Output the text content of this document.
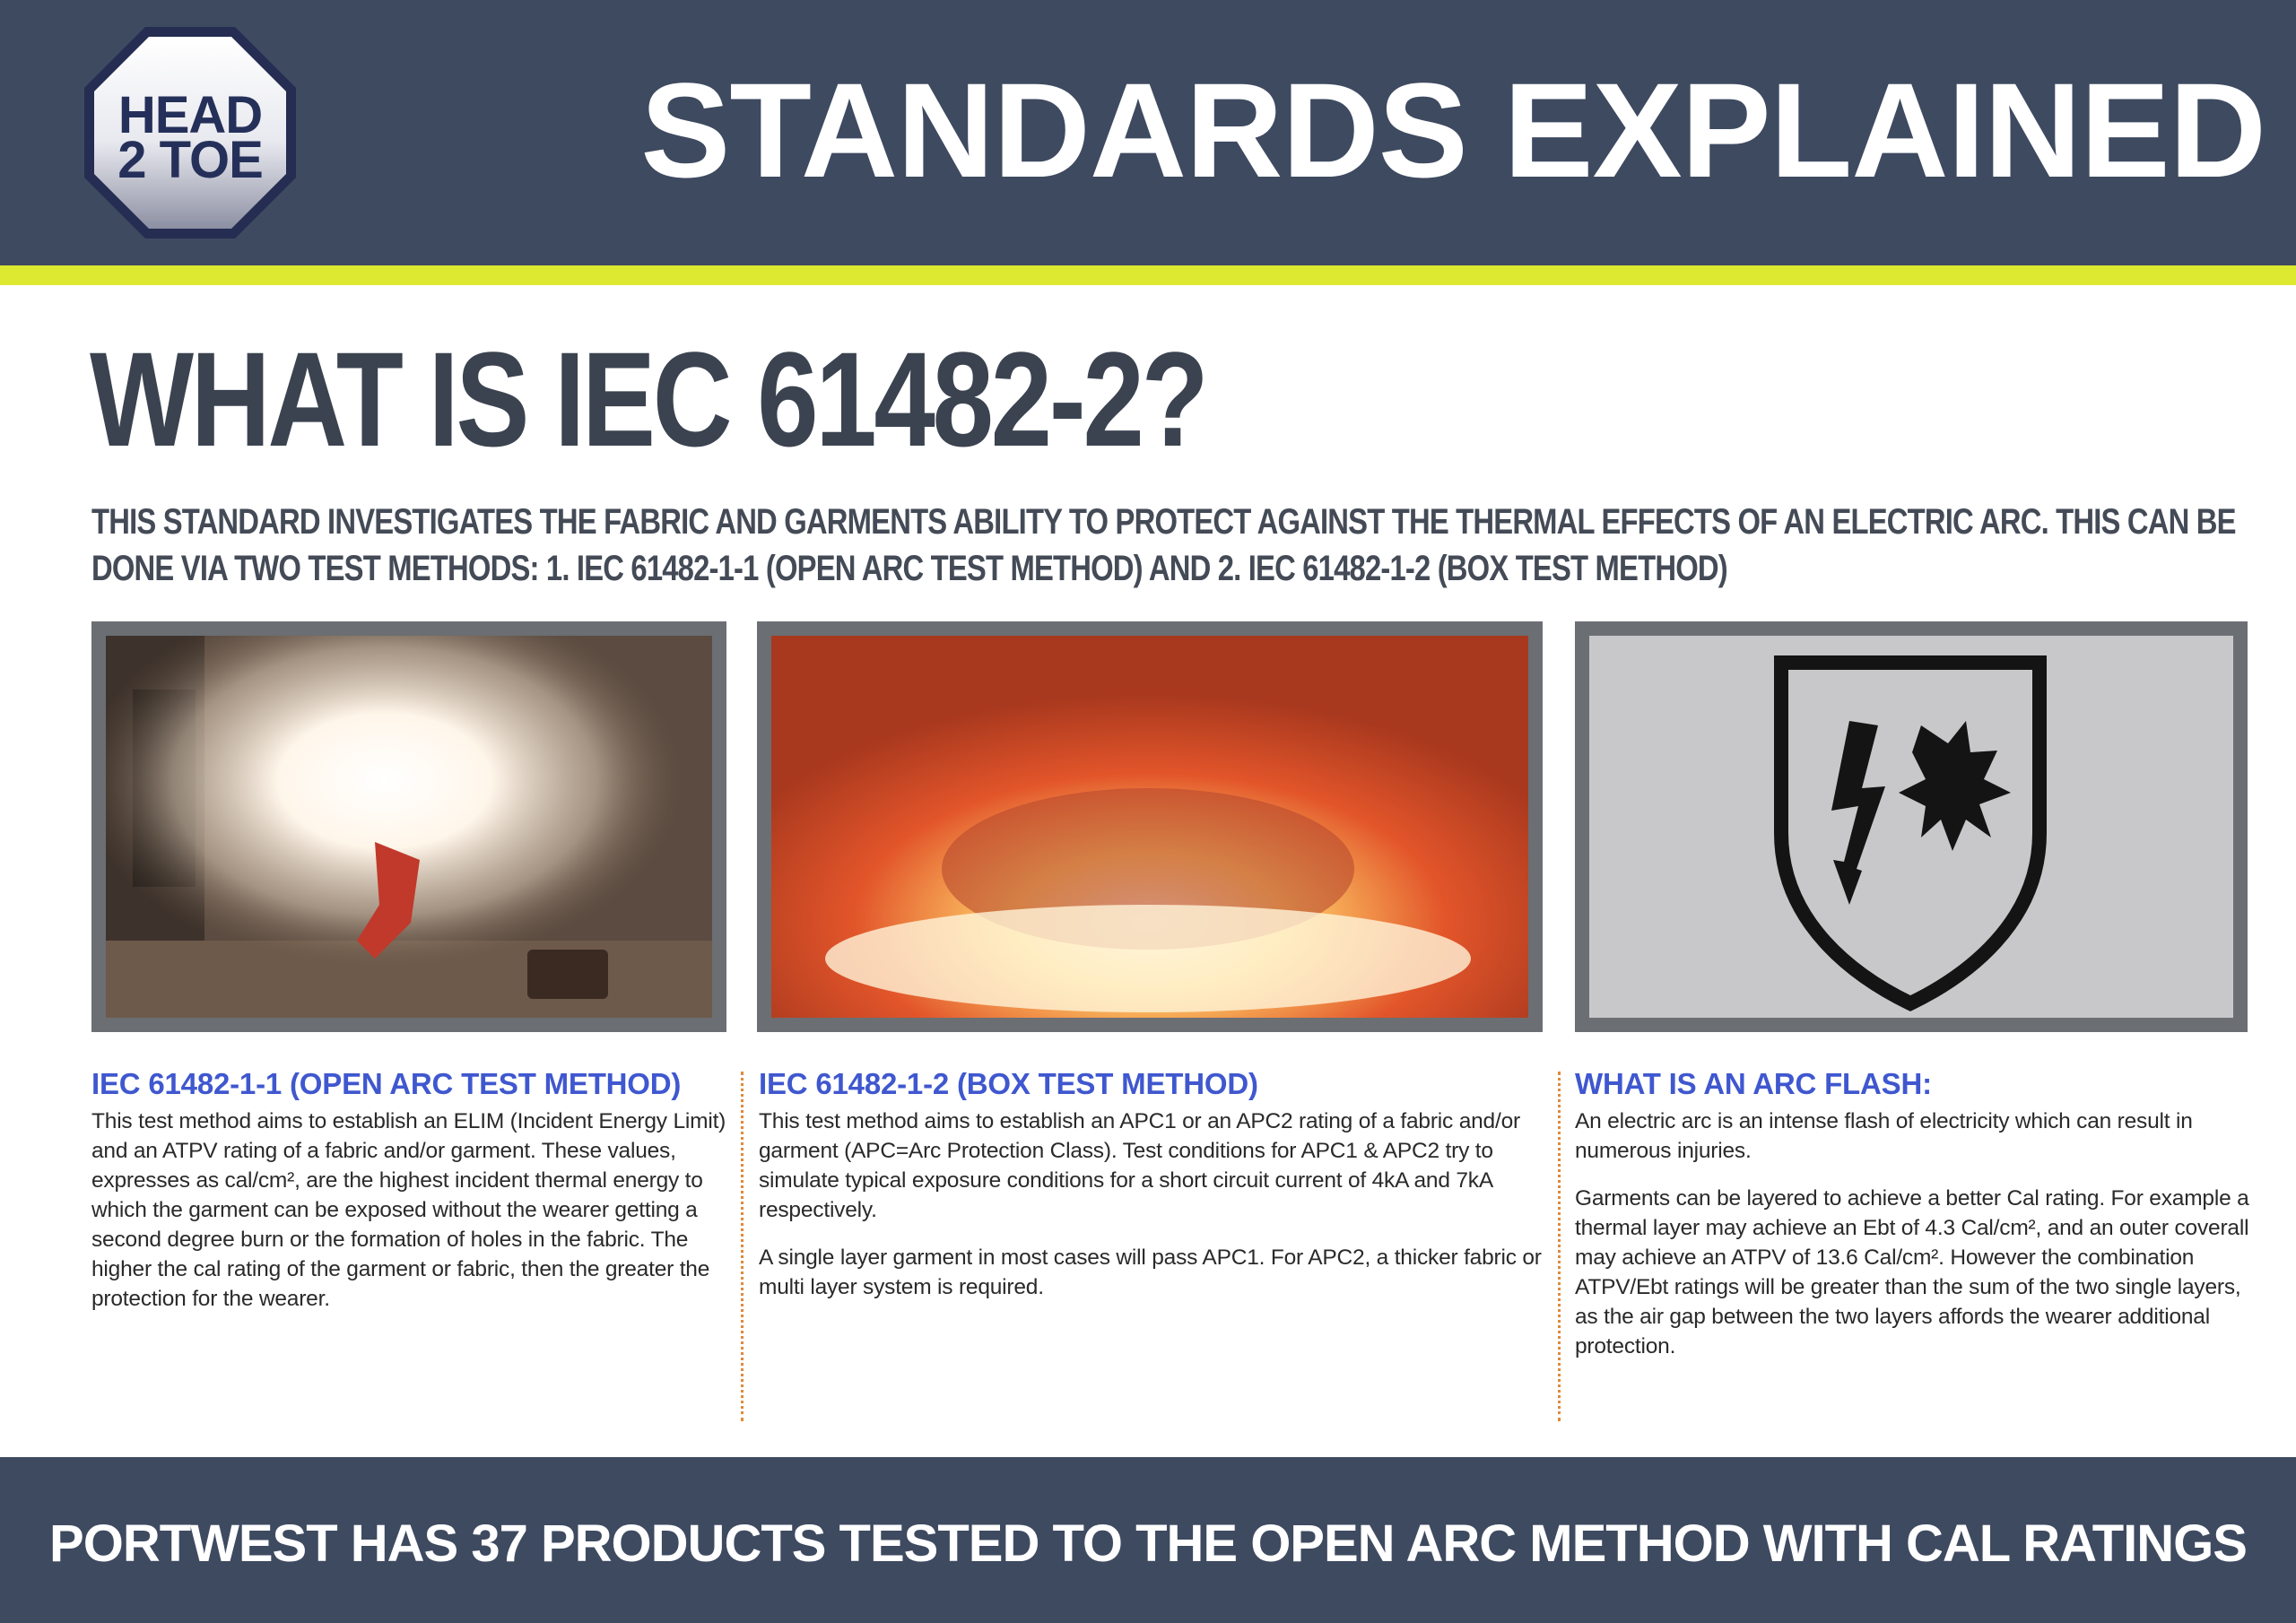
HEAD
2 TOE	STANDARDS EXPLAINED
WHAT IS IEC 61482-2?
THIS STANDARD INVESTIGATES THE FABRIC AND GARMENTS ABILITY TO PROTECT AGAINST THE THERMAL EFFECTS OF AN ELECTRIC ARC. THIS CAN BE DONE VIA TWO TEST METHODS: 1. IEC 61482-1-1 (OPEN ARC TEST METHOD) AND 2. IEC 61482-1-2 (BOX TEST METHOD)
IEC 61482-1-1 (OPEN ARC TEST METHOD)

This test method aims to establish an ELIM (Incident Energy Limit) and an ATPV rating of a fabric and/or garment. These values, expresses as cal/cm², are the highest incident thermal energy to which the garment can be exposed without the wearer getting a second degree burn or the formation of holes in the fabric. The higher the cal rating of the garment or fabric, then the greater the protection for the wearer.

IEC 61482-1-2 (BOX TEST METHOD)

This test method aims to establish an APC1 or an APC2 rating of a fabric and/or garment (APC=Arc Protection Class). Test conditions for APC1 & APC2 try to simulate typical exposure conditions for a short circuit current of 4kA and 7kA respectively.

A single layer garment in most cases will pass APC1. For APC2, a thicker fabric or multi layer system is required.

WHAT IS AN ARC FLASH:

An electric arc is an intense flash of electricity which can result in numerous injuries.

Garments can be layered to achieve a better Cal rating. For example a thermal layer may achieve an Ebt of 4.3 Cal/cm², and an outer coverall may achieve an ATPV of 13.6 Cal/cm². However the combination ATPV/Ebt ratings will be greater than the sum of the two single layers, as the air gap between the two layers affords the wearer additional protection.

PORTWEST HAS 37 PRODUCTS TESTED TO THE OPEN ARC METHOD WITH CAL RATINGS
